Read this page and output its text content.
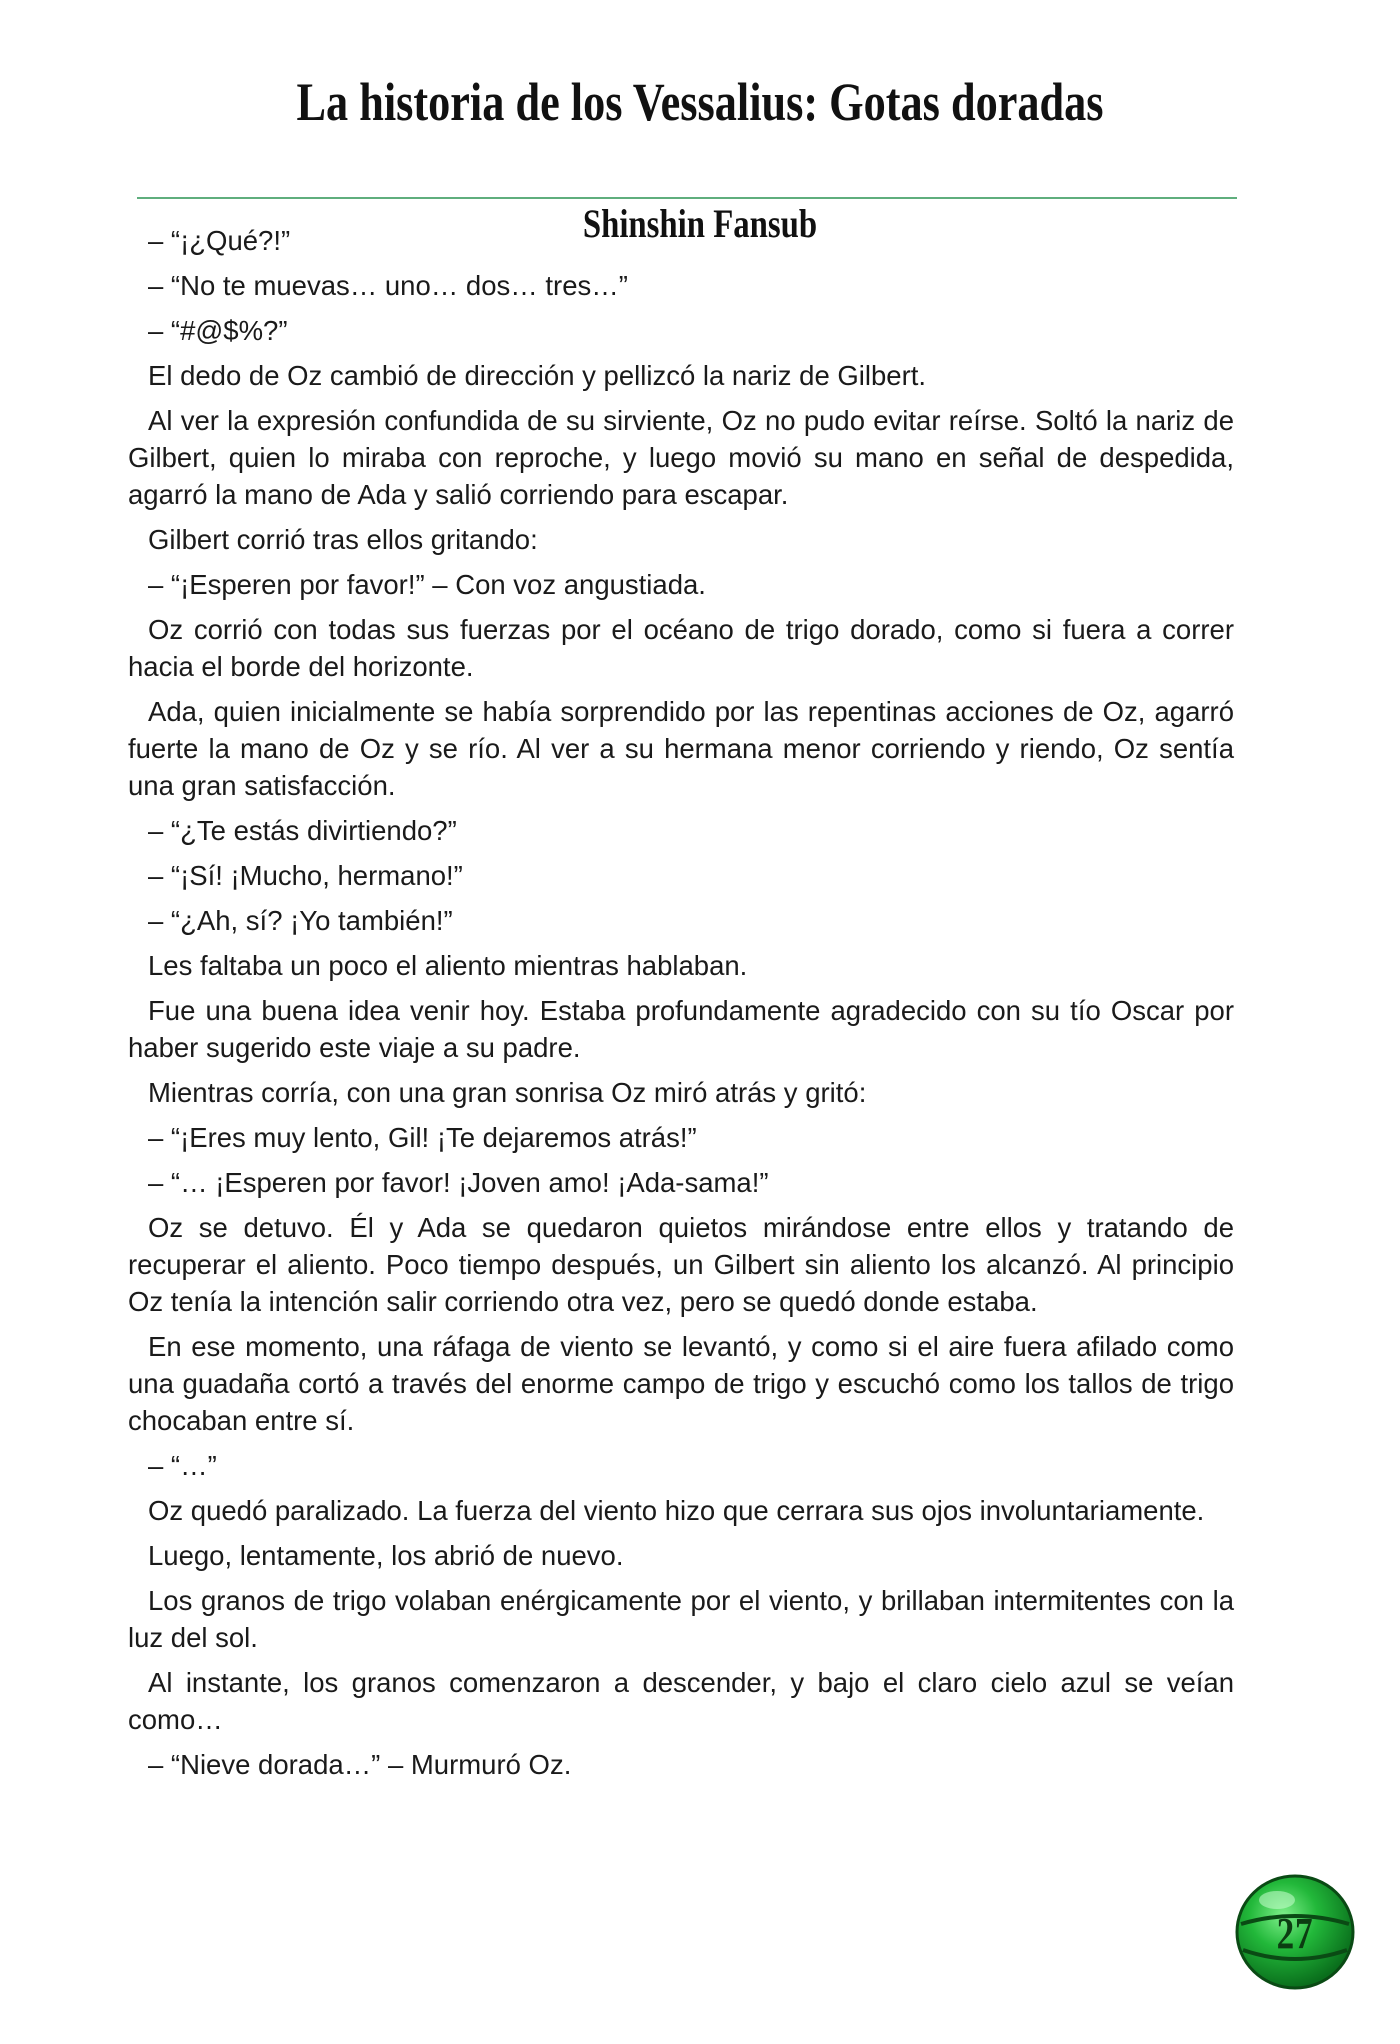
La historia de los Vessalius: Gotas doradas
Shinshin Fansub

– “¡¿Qué?!”

– “No te muevas… uno… dos… tres…”

– “#@$%?”

El dedo de Oz cambió de dirección y pellizcó la nariz de Gilbert.

Al ver la expresión confundida de su sirviente, Oz no pudo evitar reírse. Soltó la nariz de Gilbert, quien lo miraba con reproche, y luego movió su mano en señal de despedida, agarró la mano de Ada y salió corriendo para escapar.

Gilbert corrió tras ellos gritando:

– “¡Esperen por favor!” – Con voz angustiada.

Oz corrió con todas sus fuerzas por el océano de trigo dorado, como si fuera a correr hacia el borde del horizonte.

Ada, quien inicialmente se había sorprendido por las repentinas acciones de Oz, agarró fuerte la mano de Oz y se río. Al ver a su hermana menor corriendo y riendo, Oz sentía una gran satisfacción.

– “¿Te estás divirtiendo?”

– “¡Sí! ¡Mucho, hermano!”

– “¿Ah, sí? ¡Yo también!”

Les faltaba un poco el aliento mientras hablaban.

Fue una buena idea venir hoy. Estaba profundamente agradecido con su tío Oscar por haber sugerido este viaje a su padre.

Mientras corría, con una gran sonrisa Oz miró atrás y gritó:

– “¡Eres muy lento, Gil! ¡Te dejaremos atrás!”

– “… ¡Esperen por favor! ¡Joven amo! ¡Ada-sama!”

Oz se detuvo. Él y Ada se quedaron quietos mirándose entre ellos y tratando de recuperar el aliento. Poco tiempo después, un Gilbert sin aliento los alcanzó. Al principio Oz tenía la intención salir corriendo otra vez, pero se quedó donde estaba.

En ese momento, una ráfaga de viento se levantó, y como si el aire fuera afilado como una guadaña cortó a través del enorme campo de trigo y escuchó como los tallos de trigo chocaban entre sí.

– “…”

Oz quedó paralizado. La fuerza del viento hizo que cerrara sus ojos involuntariamente.

Luego, lentamente, los abrió de nuevo.

Los granos de trigo volaban enérgicamente por el viento, y brillaban intermitentes con la luz del sol.

Al instante, los granos comenzaron a descender, y bajo el claro cielo azul se veían como…

– “Nieve dorada…” – Murmuró Oz.

27
